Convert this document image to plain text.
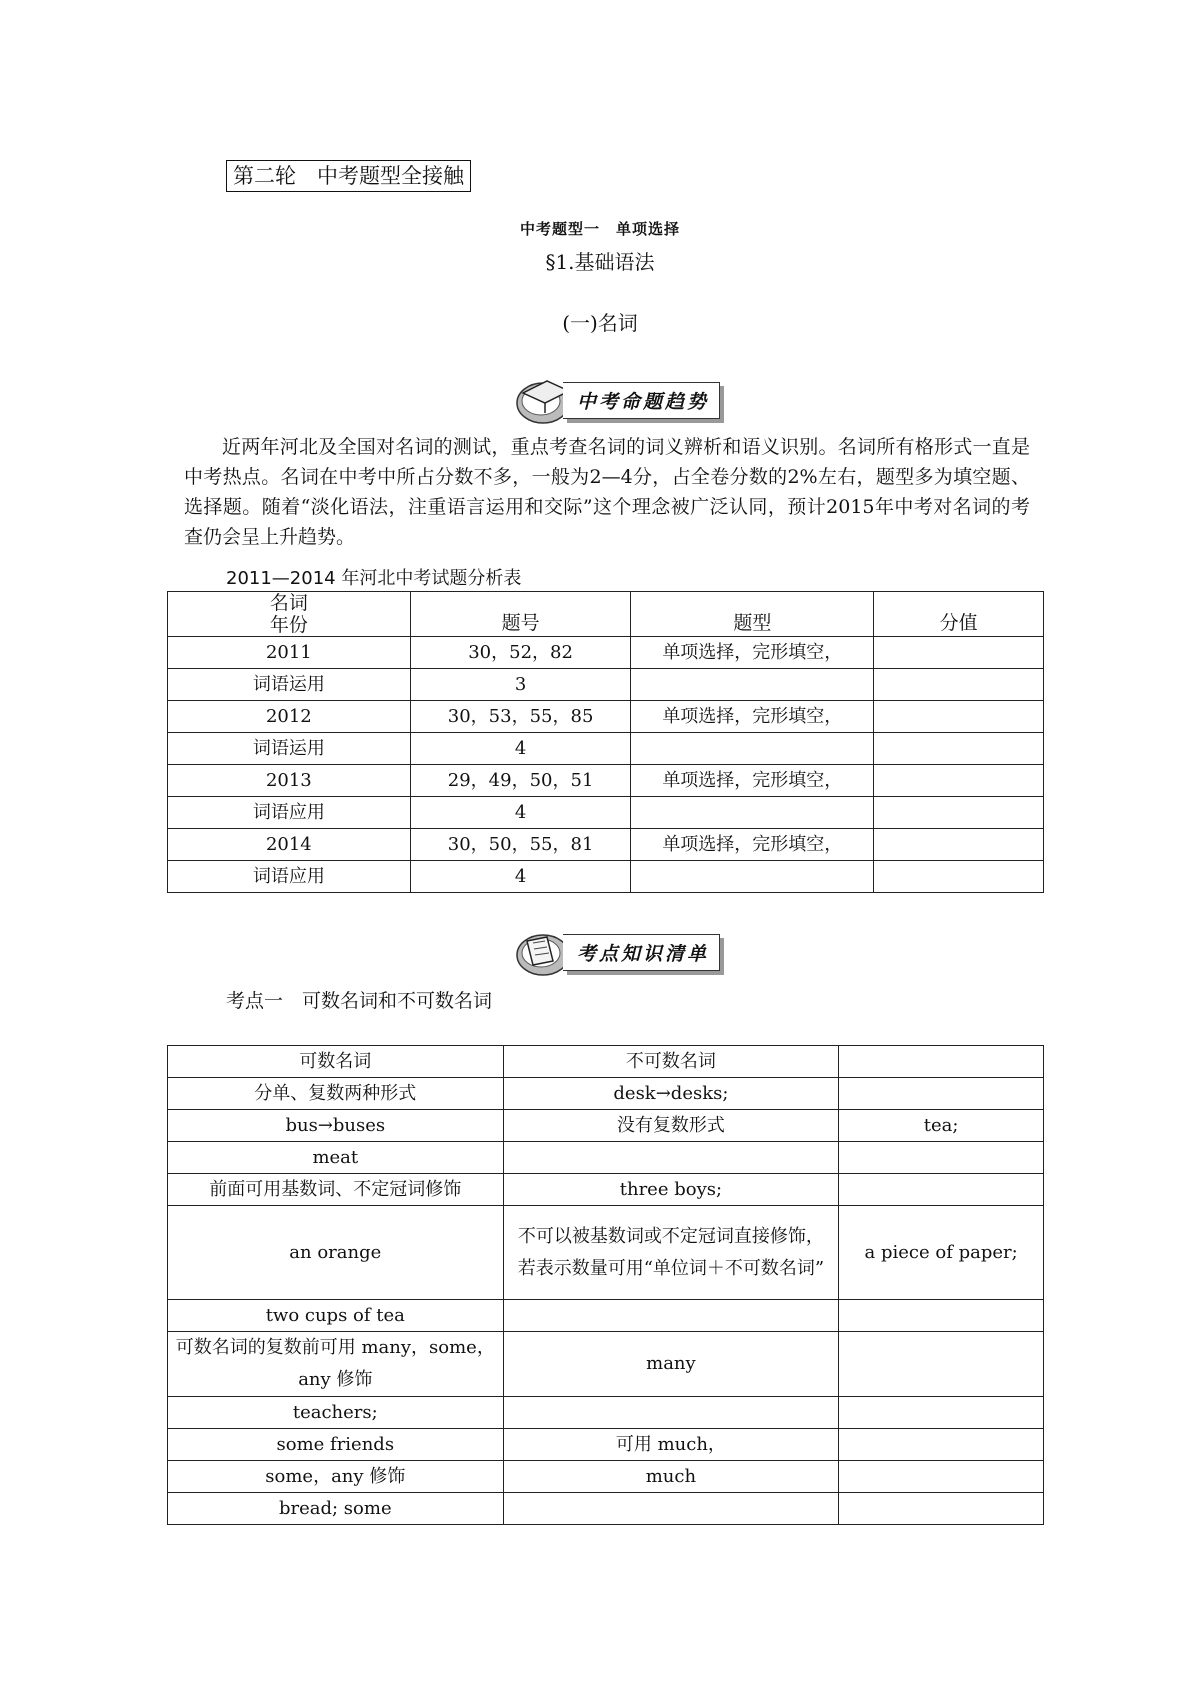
第二轮　中考题型全接触
中考题型一　单项选择
§1.基础语法
(一)名词
中考命题趋势

近两年河北及全国对名词的测试，重点考查名词的词义辨析和语义识别。名词所有格形式一直是中考热点。名词在中考中所占分数不多，一般为2—4分，占全卷分数的2%左右，题型多为填空题、选择题。随着“淡化语法，注重语言运用和交际”这个理念被广泛认同，预计2015年中考对名词的考查仍会呈上升趋势。

2011—2014 年河北中考试题分析表
名词
年份	题号	题型	分值
2011	30，52，82	单项选择，完形填空，	
词语运用	3		
2012	30，53，55，85	单项选择，完形填空，	
词语运用	4		
2013	29，49，50，51	单项选择，完形填空，	
词语应用	4		
2014	30，50，55，81	单项选择，完形填空，	
词语应用	4		
考点知识清单
考点一　可数名词和不可数名词
可数名词	不可数名词	
分单、复数两种形式	desk→desks;	
bus→buses	没有复数形式	tea;
meat		
前面可用基数词、不定冠词修饰	three boys;	
an orange	不可以被基数词或不定冠词直接修饰，若表示数量可用“单位词＋不可数名词”	a piece of paper;
two cups of tea		
可数名词的复数前可用 many，some，any 修饰	many	
teachers;		
some friends	可用 much，	
some，any 修饰	much	
bread; some		
